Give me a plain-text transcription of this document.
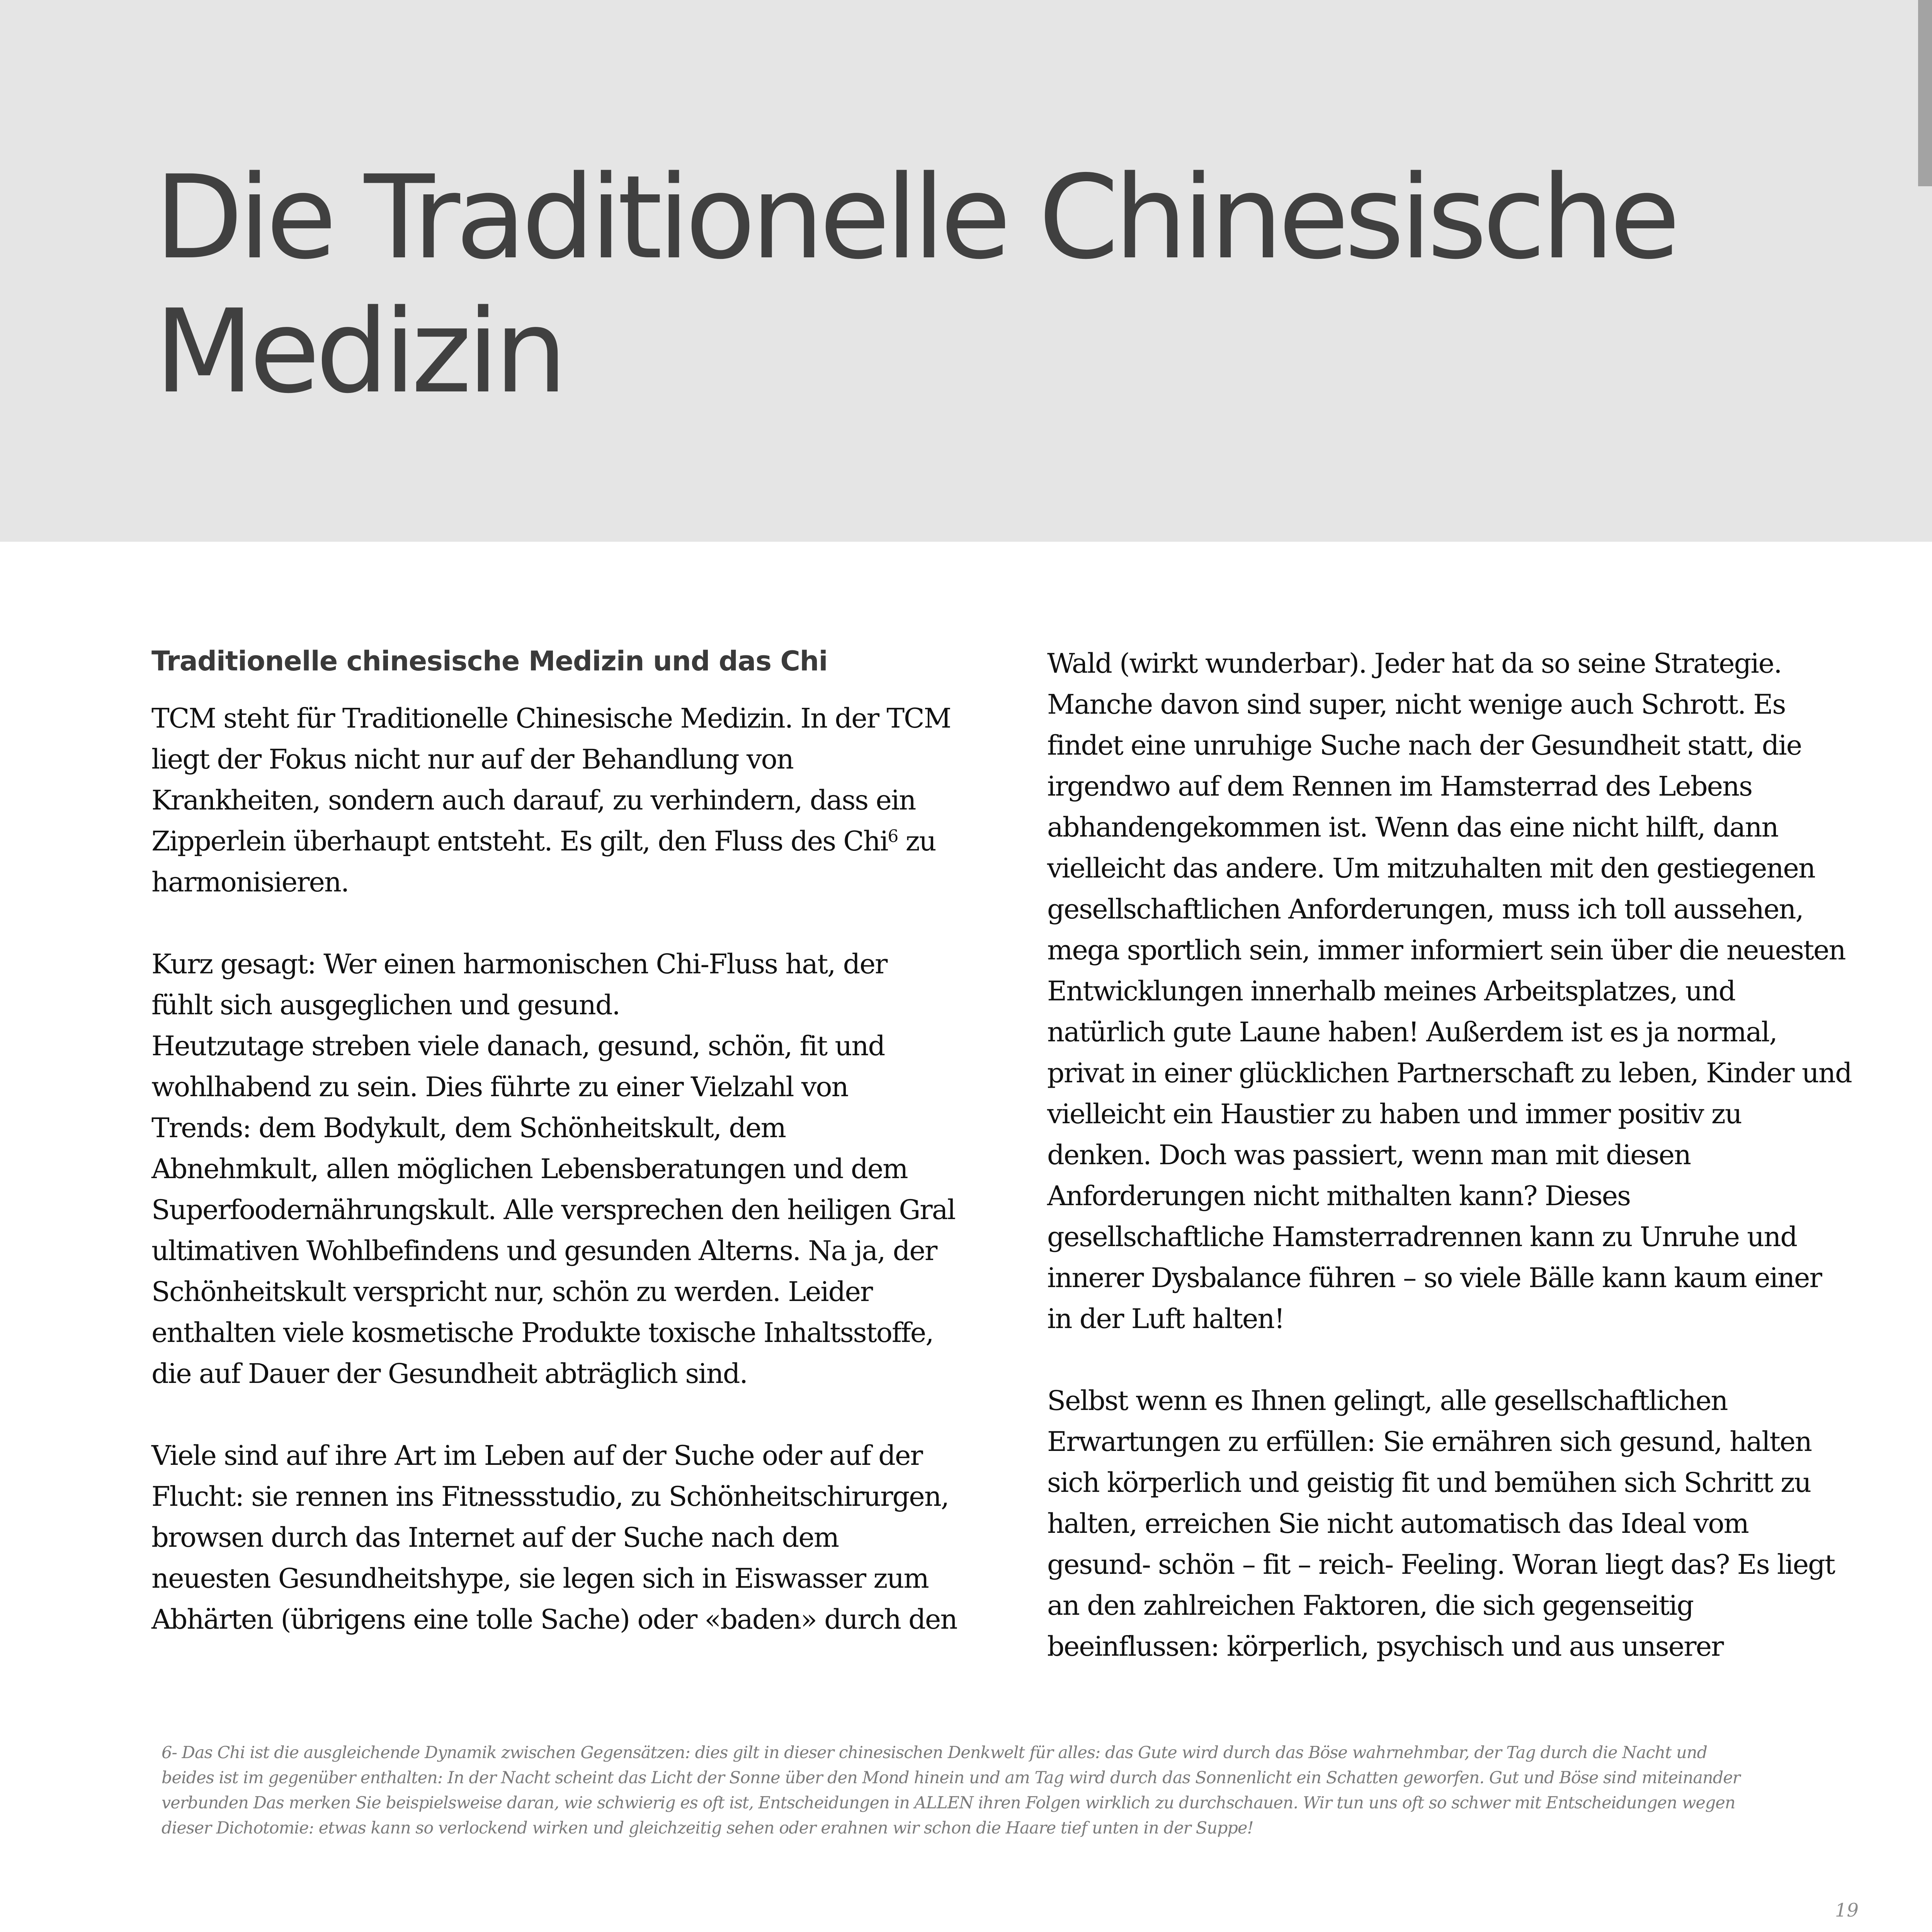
Die Traditionelle Chinesische
Medizin
Traditionelle chinesische Medizin und das Chi
TCM steht für Traditionelle Chinesische Medizin. In der TCM
liegt der Fokus nicht nur auf der Behandlung von
Krankheiten, sondern auch darauf, zu verhindern, dass ein
Zipperlein überhaupt entsteht. Es gilt, den Fluss des Chi$^6$ zu
harmonisieren.
Kurz gesagt: Wer einen harmonischen Chi-Fluss hat, der
fühlt sich ausgeglichen und gesund.
Heutzutage streben viele danach, gesund, schön, fit und
wohlhabend zu sein. Dies führte zu einer Vielzahl von
Trends: dem Bodykult, dem Schönheitskult, dem
Abnehmkult, allen möglichen Lebensberatungen und dem
Superfoodernährungskult. Alle versprechen den heiligen Gral
ultimativen Wohlbefindens und gesunden Alterns. Na ja, der
Schönheitskult verspricht nur, schön zu werden. Leider
enthalten viele kosmetische Produkte toxische Inhaltsstoffe,
die auf Dauer der Gesundheit abträglich sind.
Viele sind auf ihre Art im Leben auf der Suche oder auf der
Flucht: sie rennen ins Fitnessstudio, zu Schönheitschirurgen,
browsen durch das Internet auf der Suche nach dem
neuesten Gesundheitshype, sie legen sich in Eiswasser zum
Abhärten (übrigens eine tolle Sache) oder «baden» durch den
Wald (wirkt wunderbar). Jeder hat da so seine Strategie.
Manche davon sind super, nicht wenige auch Schrott. Es
findet eine unruhige Suche nach der Gesundheit statt, die
irgendwo auf dem Rennen im Hamsterrad des Lebens
abhandengekommen ist. Wenn das eine nicht hilft, dann
vielleicht das andere. Um mitzuhalten mit den gestiegenen
gesellschaftlichen Anforderungen, muss ich toll aussehen,
mega sportlich sein, immer informiert sein über die neuesten
Entwicklungen innerhalb meines Arbeitsplatzes, und
natürlich gute Laune haben! Außerdem ist es ja normal,
privat in einer glücklichen Partnerschaft zu leben, Kinder und
vielleicht ein Haustier zu haben und immer positiv zu
denken. Doch was passiert, wenn man mit diesen
Anforderungen nicht mithalten kann? Dieses
gesellschaftliche Hamsterradrennen kann zu Unruhe und
innerer Dysbalance führen – so viele Bälle kann kaum einer
in der Luft halten!
Selbst wenn es Ihnen gelingt, alle gesellschaftlichen
Erwartungen zu erfüllen: Sie ernähren sich gesund, halten
sich körperlich und geistig fit und bemühen sich Schritt zu
halten, erreichen Sie nicht automatisch das Ideal vom
gesund- schön – fit – reich- Feeling. Woran liegt das? Es liegt
an den zahlreichen Faktoren, die sich gegenseitig
beeinflussen: körperlich, psychisch und aus unserer
6- Das Chi ist die ausgleichende Dynamik zwischen Gegensätzen: dies gilt in dieser chinesischen Denkwelt für alles: das Gute wird durch das Böse wahrnehmbar, der Tag durch die Nacht und
beides ist im gegenüber enthalten: In der Nacht scheint das Licht der Sonne über den Mond hinein und am Tag wird durch das Sonnenlicht ein Schatten geworfen. Gut und Böse sind miteinander
verbunden Das merken Sie beispielsweise daran, wie schwierig es oft ist, Entscheidungen in ALLEN ihren Folgen wirklich zu durchschauen. Wir tun uns oft so schwer mit Entscheidungen wegen
dieser Dichotomie: etwas kann so verlockend wirken und gleichzeitig sehen oder erahnen wir schon die Haare tief unten in der Suppe!
19
